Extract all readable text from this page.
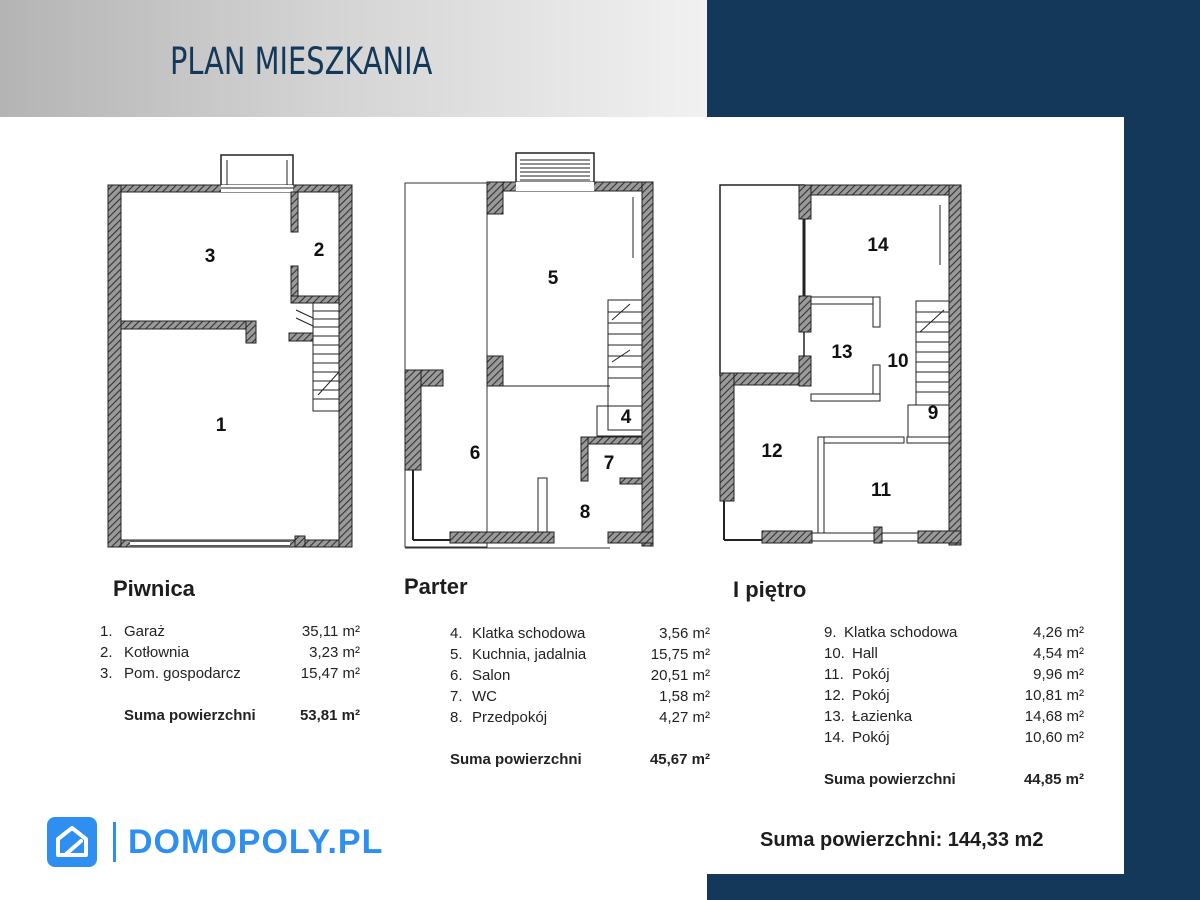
PLAN MIESZKANIA
3	2
1
5
4
6	7
8
14
13 10
9
12
11
Piwnica
1. Garaż	35,11 m²
2. Kotłownia	3,23 m²
3. Pom. gospodarcz	15,47 m²
Suma powierzchni	53,81 m²
Parter
4. Klatka schodowa	3,56 m²
5. Kuchnia, jadalnia	15,75 m²
6. Salon	20,51 m²
7. WC	1,58 m²
8. Przedpokój	4,27 m²
Suma powierzchni	45,67 m²
I piętro
9. Klatka schodowa	4,26 m²
10. Hall	4,54 m²
11. Pokój	9,96 m²
12. Pokój	10,81 m²
13. Łazienka	14,68 m²
14. Pokój	10,60 m²
Suma powierzchni	44,85 m²

Suma powierzchni: 144,33 m2

DOMOPOLY.PL
